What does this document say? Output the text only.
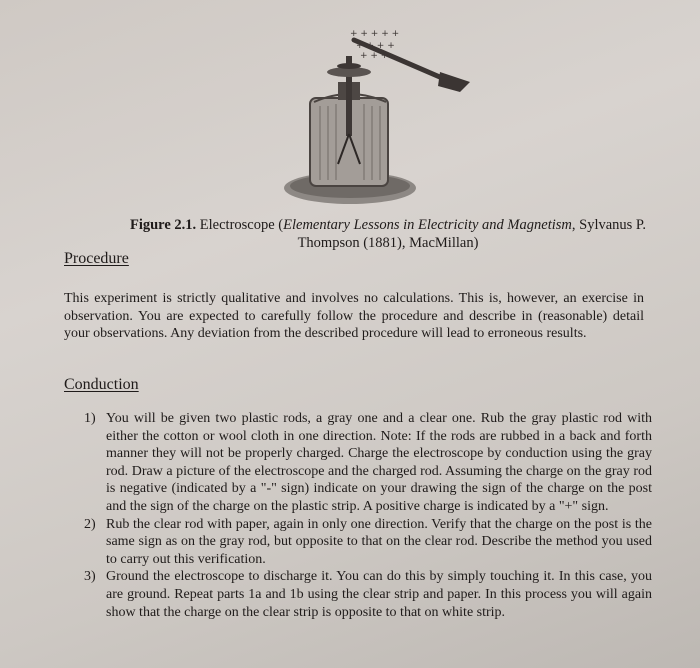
+ + + + +
+ + + +
+ + +
Figure 2.1. Electroscope (Elementary Lessons in Electricity and Magnetism, Sylvanus P.
Thompson (1881), MacMillan)
Procedure
This experiment is strictly qualitative and involves no calculations. This is, however, an exercise in observation. You are expected to carefully follow the procedure and describe in (reasonable) detail your observations. Any deviation from the described procedure will lead to erroneous results.
Conduction
1) You will be given two plastic rods, a gray one and a clear one. Rub the gray plastic rod with either the cotton or wool cloth in one direction. Note: If the rods are rubbed in a back and forth manner they will not be properly charged. Charge the electroscope by conduction using the gray rod. Draw a picture of the electroscope and the charged rod. Assuming the charge on the gray rod is negative (indicated by a "-" sign) indicate on your drawing the sign of the charge on the post and the sign of the charge on the plastic strip. A positive charge is indicated by a "+" sign.
2) Rub the clear rod with paper, again in only one direction. Verify that the charge on the post is the same sign as on the gray rod, but opposite to that on the clear rod. Describe the method you used to carry out this verification.
3) Ground the electroscope to discharge it. You can do this by simply touching it. In this case, you are ground. Repeat parts 1a and 1b using the clear strip and paper. In this process you will again show that the charge on the clear strip is opposite to that on white strip.
